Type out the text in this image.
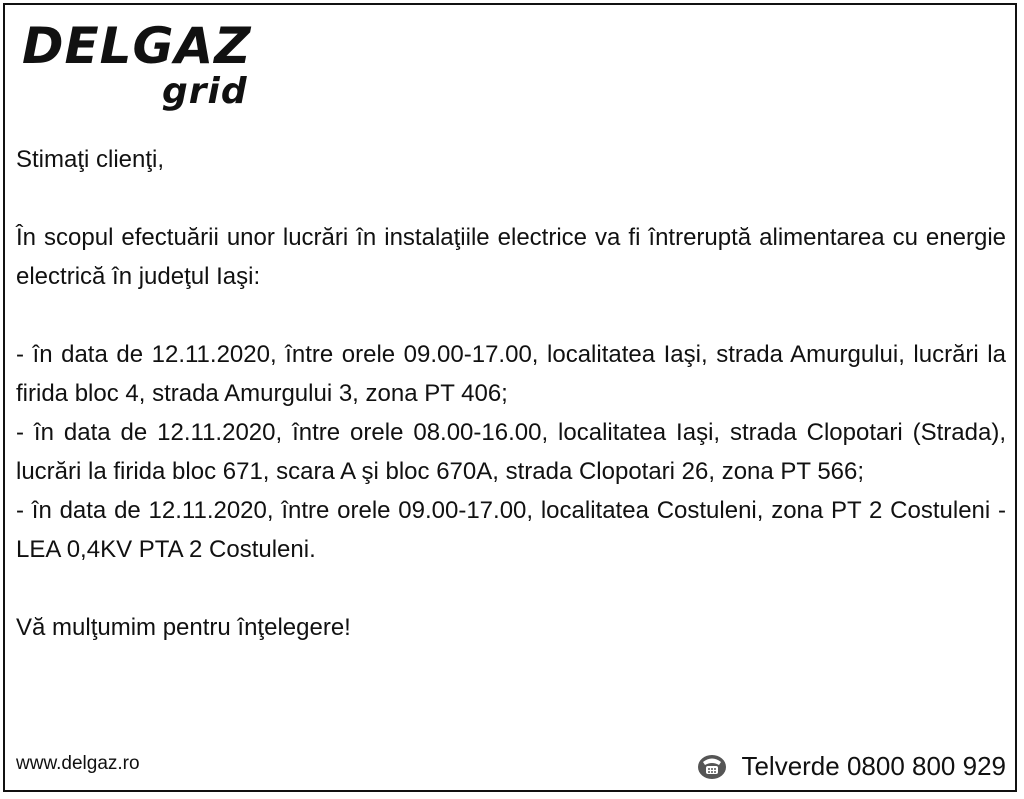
DELGAZ
grid

Stimaţi clienţi,

În scopul efectuării unor lucrări în instalaţiile electrice va fi întreruptă alimentarea cu energie electrică în judeţul Iaşi:

- în data de 12.11.2020, între orele 09.00-17.00, localitatea Iaşi, strada Amurgului, lucrări la firida bloc 4, strada Amurgului 3, zona PT 406;
- în data de 12.11.2020, între orele 08.00-16.00, localitatea Iaşi, strada Clopotari (Strada), lucrări la firida bloc 671, scara A şi bloc 670A, strada Clopotari 26, zona PT 566;
- în data de 12.11.2020, între orele 09.00-17.00, localitatea Costuleni, zona PT 2 Costuleni - LEA 0,4KV PTA 2 Costuleni.

Vă mulţumim pentru înţelegere!

www.delgaz.ro	Telverde 0800 800 929
